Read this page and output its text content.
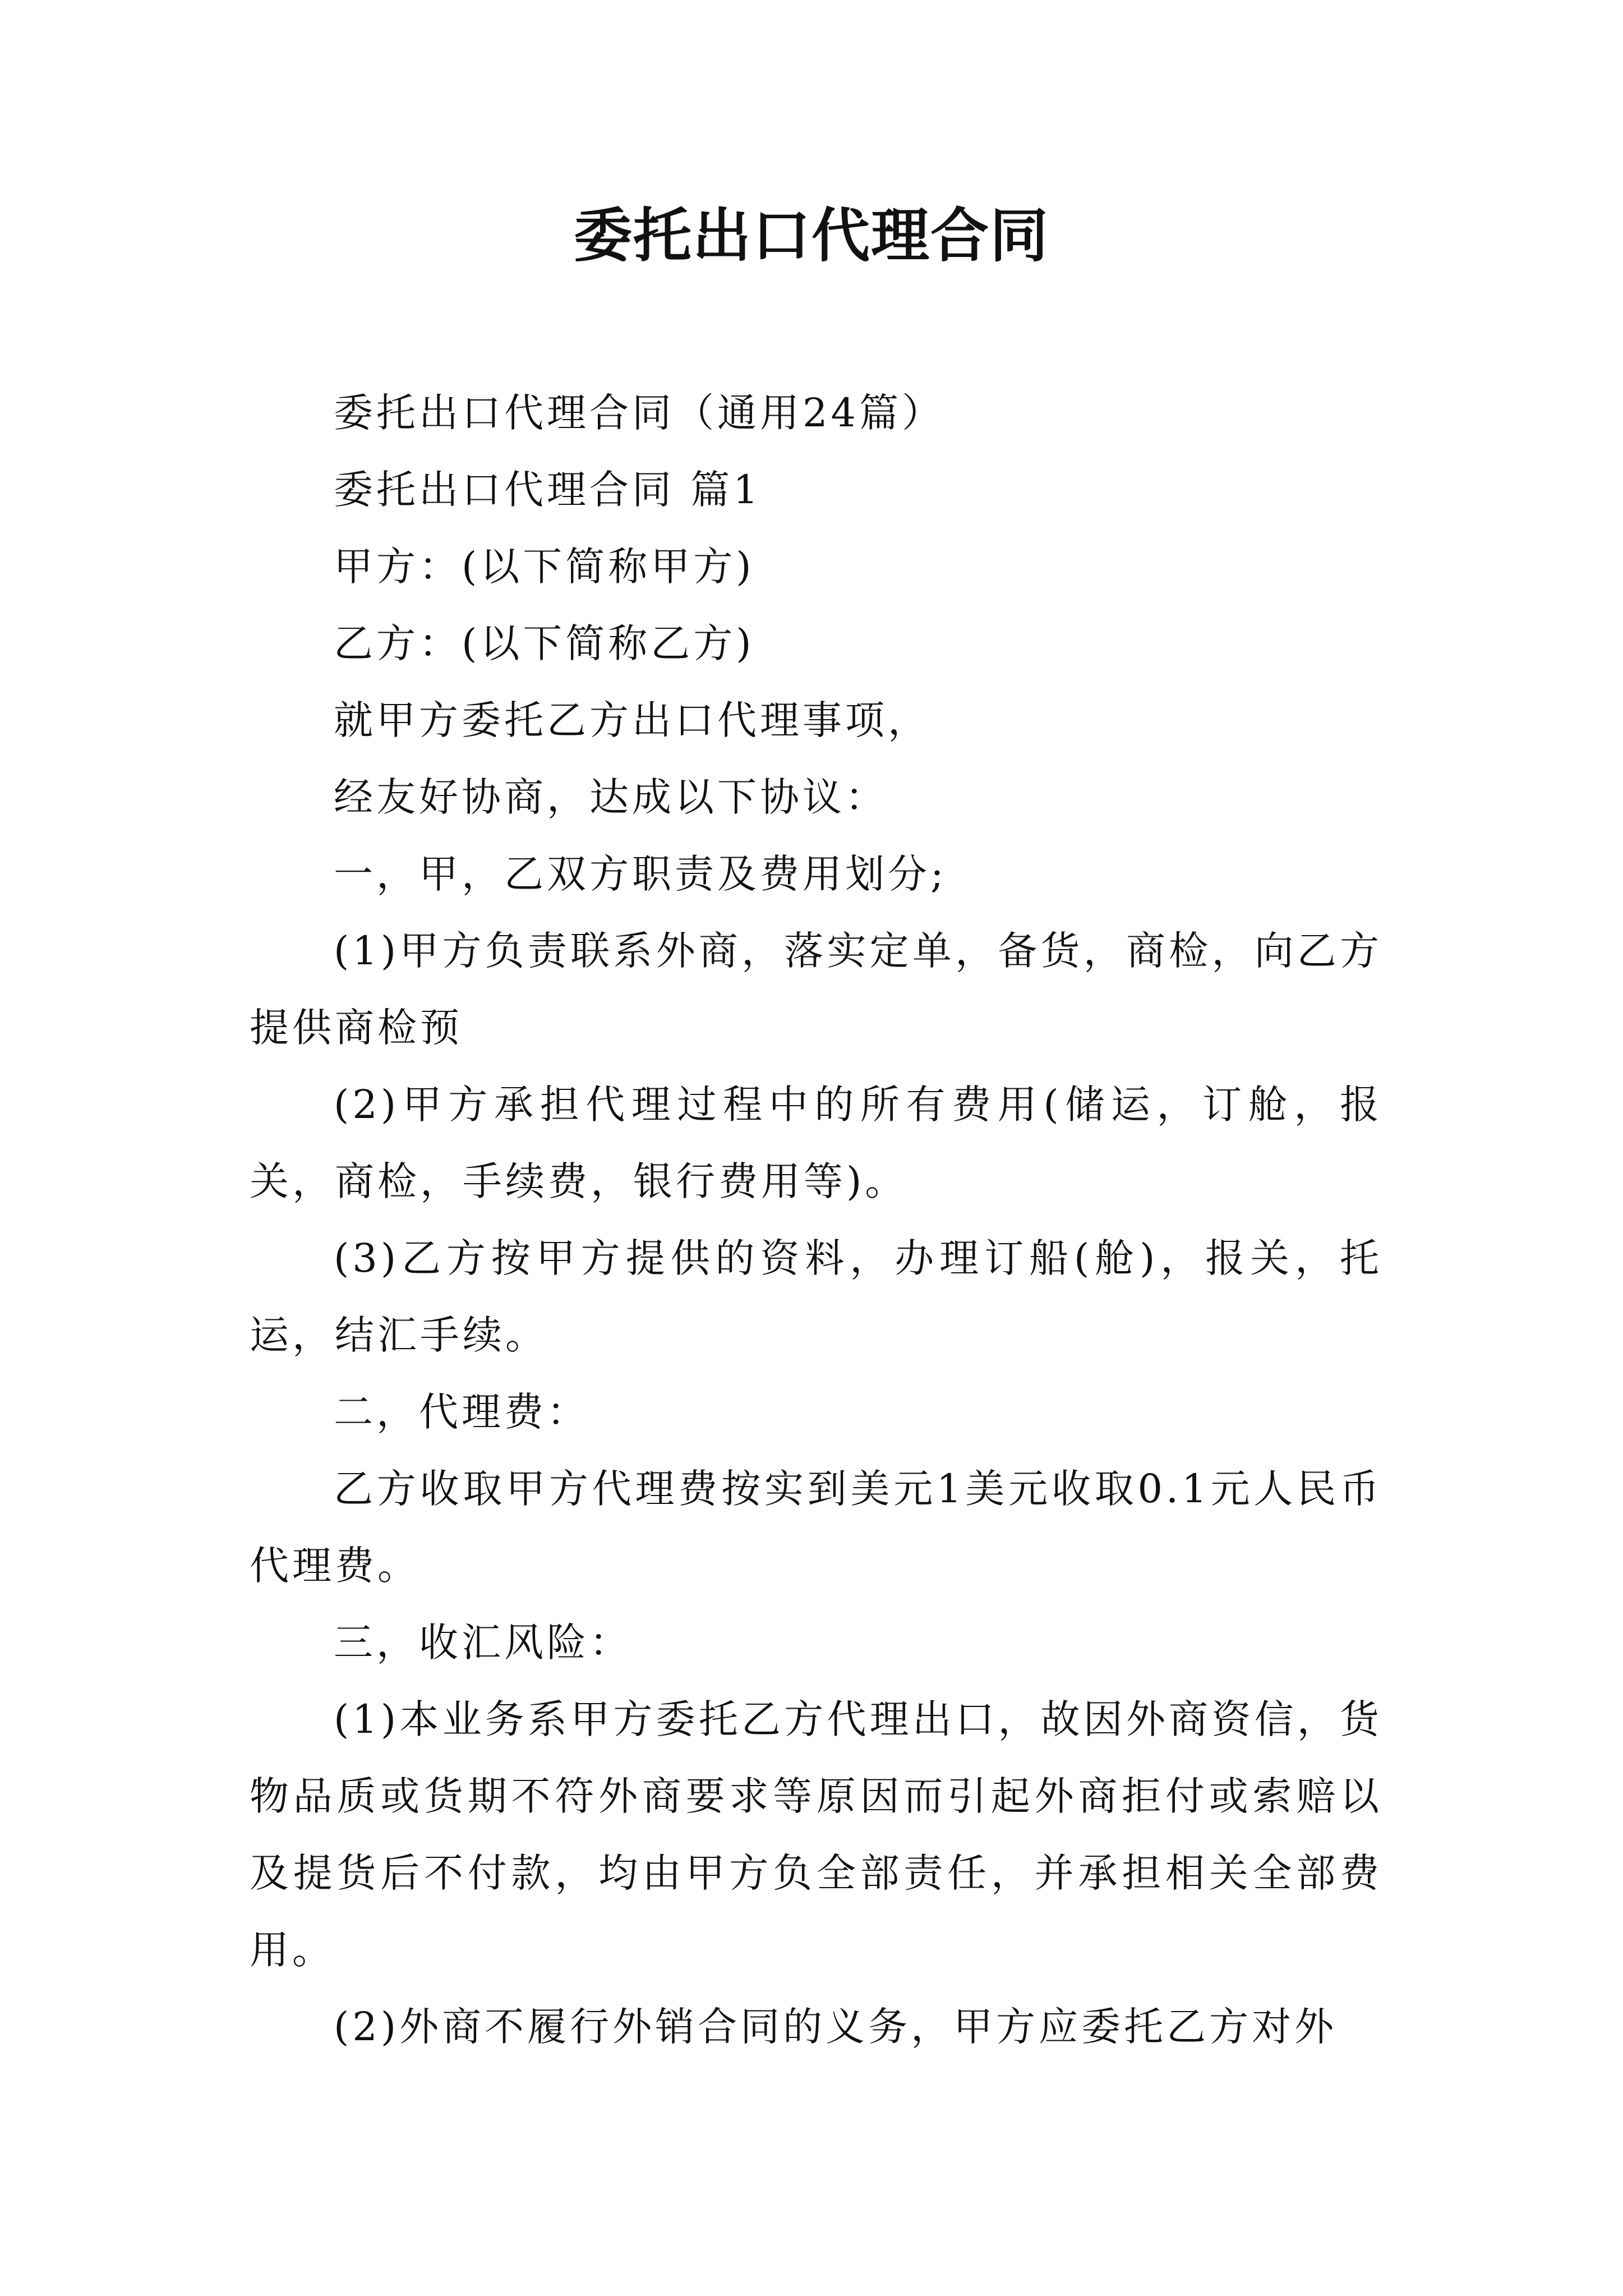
委托出口代理合同

委托出口代理合同（通用24篇）

委托出口代理合同 篇1

甲方：(以下简称甲方)

乙方：(以下简称乙方)

就甲方委托乙方出口代理事项，

经友好协商，达成以下协议：

一，甲，乙双方职责及费用划分;

(1)甲方负责联系外商，落实定单，备货，商检，向乙方提供商检预

(2)甲方承担代理过程中的所有费用(储运，订舱，报关，商检，手续费，银行费用等)。

(3)乙方按甲方提供的资料，办理订船(舱)，报关，托运，结汇手续。

二，代理费：

乙方收取甲方代理费按实到美元1美元收取0.1元人民币代理费。

三，收汇风险：

(1)本业务系甲方委托乙方代理出口，故因外商资信，货物品质或货期不符外商要求等原因而引起外商拒付或索赔以及提货后不付款，均由甲方负全部责任，并承担相关全部费用。

(2)外商不履行外销合同的义务，甲方应委托乙方对外
